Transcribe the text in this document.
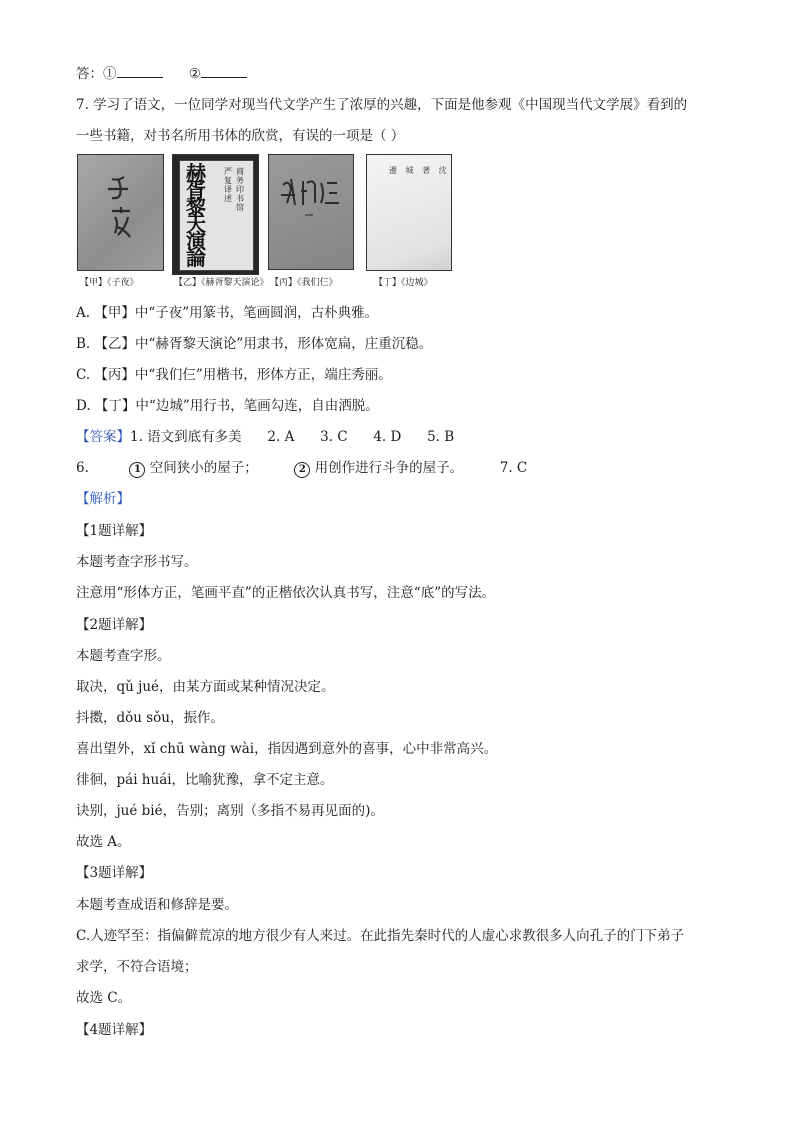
答：①	②
7. 学习了语文，一位同学对现当代文学产生了浓厚的兴趣，下面是他参观《中国现当代文学展》看到的
一些书籍，对书名所用书体的欣赏，有误的一项是（ ）
赫胥黎天演論
严复译述
商务印书馆
邊 城 著 沈
【甲】《子夜》	【乙】《赫胥黎天演论》 【丙】《我们仨》	【丁】《边城》
A. 【甲】中“子夜”用篆书，笔画圆润，古朴典雅。
B. 【乙】中“赫胥黎天演论”用隶书，形体宽扁，庄重沉稳。
C. 【丙】中“我们仨”用楷书，形体方正，端庄秀丽。
D. 【丁】中“边城”用行书，笔画勾连，自由洒脱。
【答案】1. 语文到底有多美      2. A      3. C      4. D      5. B
6.	1 空间狭小的屋子；	2 用创作进行斗争的屋子。	7. C
【解析】
【1题详解】
本题考查字形书写。
注意用“形体方正，笔画平直”的正楷依次认真书写，注意“底”的写法。
【2题详解】
本题考查字形。
取决，qǔ jué，由某方面或某种情况决定。
抖擞，dǒu sǒu，振作。
喜出望外，xǐ chū wàng wài，指因遇到意外的喜事，心中非常高兴。
徘徊，pái huái，比喻犹豫，拿不定主意。
诀别，jué bié，告别；离别（多指不易再见面的)。
故选 A。
【3题详解】
本题考查成语和修辞是要。
C.人迹罕至：指偏僻荒凉的地方很少有人来过。在此指先秦时代的人虚心求教很多人向孔子的门下弟子
求学，不符合语境；
故选 C。
【4题详解】
